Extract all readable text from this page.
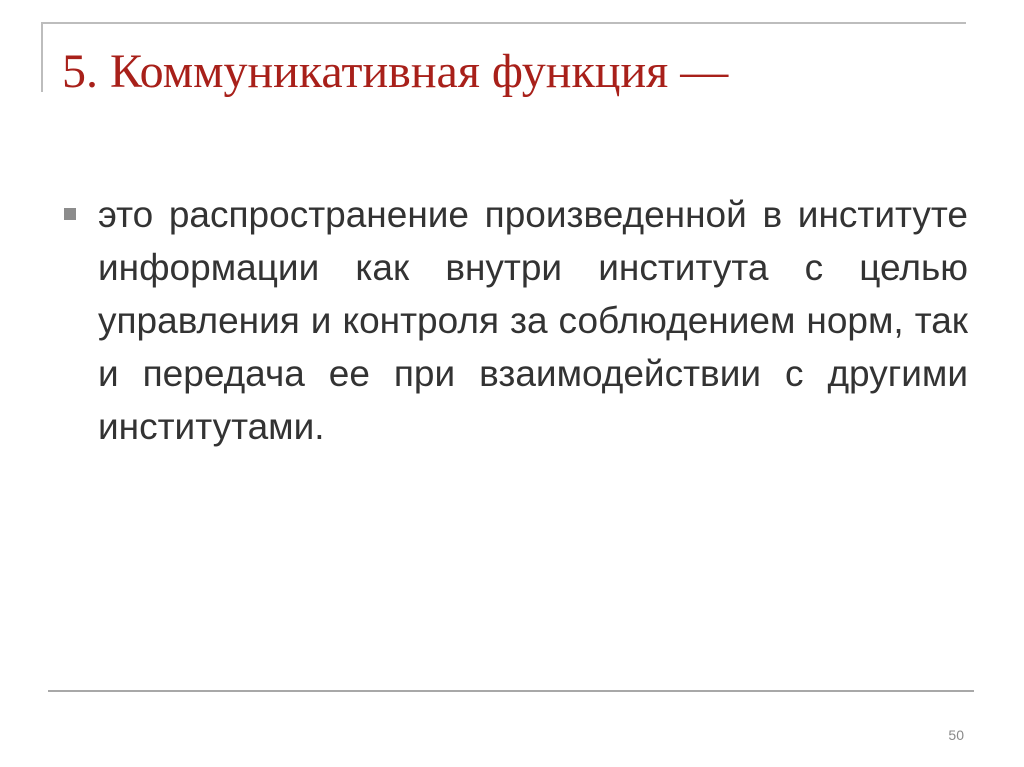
5. Коммуникативная функция —

это распространение произведенной в институте информации как внутри института с целью управления и контроля за соблюдением норм, так и передача ее при взаимодействии с другими институтами.

50
